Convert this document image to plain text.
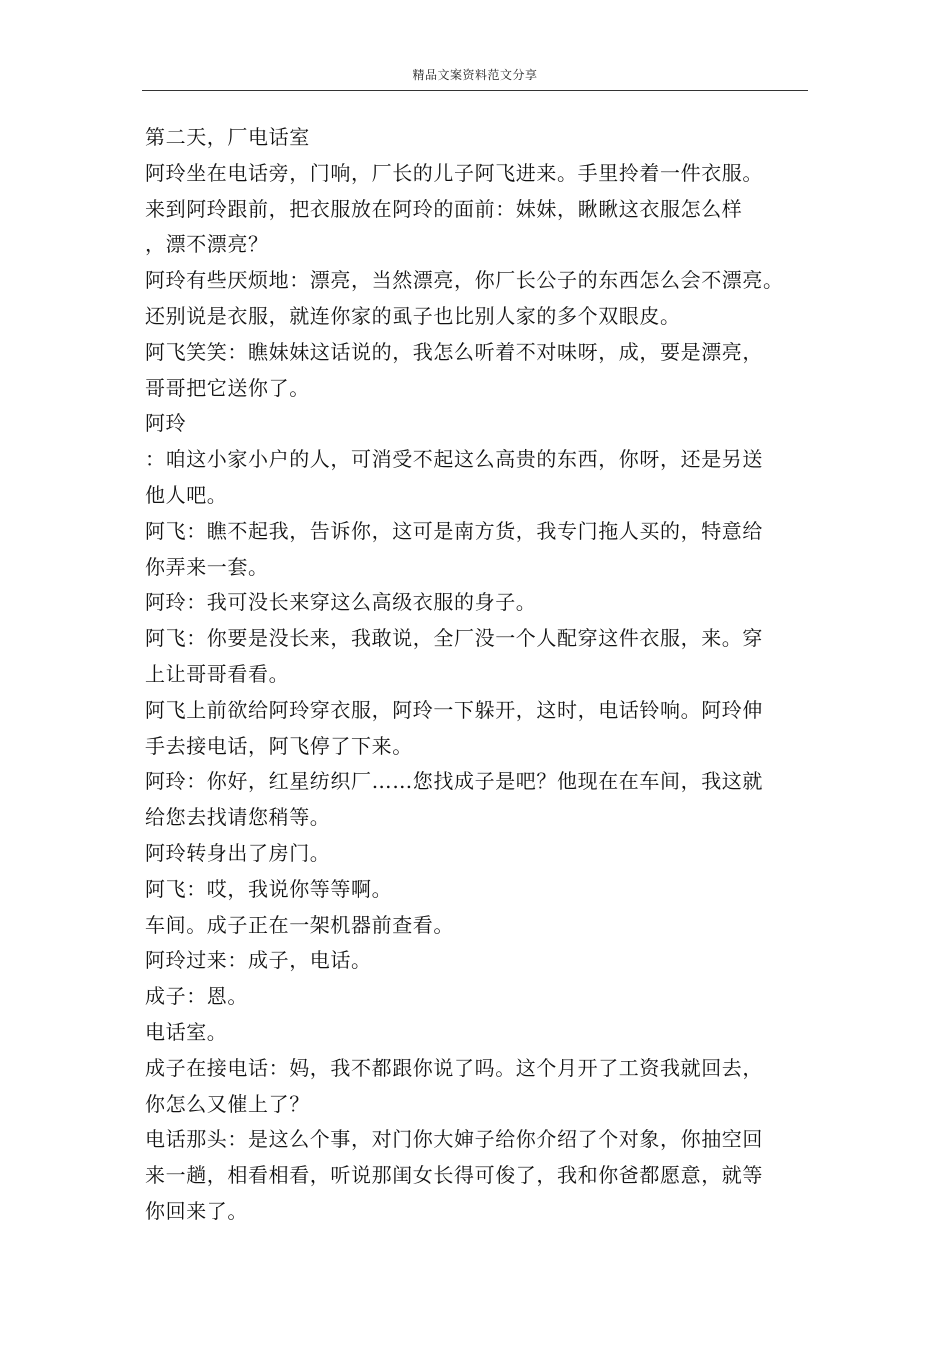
精品文案资料范文分享
第二天，厂电话室
阿玲坐在电话旁，门响，厂长的儿子阿飞进来。手里拎着一件衣服。
来到阿玲跟前，把衣服放在阿玲的面前：妹妹，瞅瞅这衣服怎么样
，漂不漂亮？
阿玲有些厌烦地：漂亮，当然漂亮，你厂长公子的东西怎么会不漂亮。
还别说是衣服，就连你家的虱子也比别人家的多个双眼皮。
阿飞笑笑：瞧妹妹这话说的，我怎么听着不对味呀，成，要是漂亮，
哥哥把它送你了。
阿玲
：咱这小家小户的人，可消受不起这么高贵的东西，你呀，还是另送
他人吧。
阿飞：瞧不起我，告诉你，这可是南方货，我专门拖人买的，特意给
你弄来一套。
阿玲：我可没长来穿这么高级衣服的身子。
阿飞：你要是没长来，我敢说，全厂没一个人配穿这件衣服，来。穿
上让哥哥看看。
阿飞上前欲给阿玲穿衣服，阿玲一下躲开，这时，电话铃响。阿玲伸
手去接电话，阿飞停了下来。
阿玲：你好，红星纺织厂……您找成子是吧？他现在在车间，我这就
给您去找请您稍等。
阿玲转身出了房门。
阿飞：哎，我说你等等啊。
车间。成子正在一架机器前查看。
阿玲过来：成子，电话。
成子：恩。
电话室。
成子在接电话：妈，我不都跟你说了吗。这个月开了工资我就回去，
你怎么又催上了？
电话那头：是这么个事，对门你大婶子给你介绍了个对象，你抽空回
来一趟，相看相看，听说那闺女长得可俊了，我和你爸都愿意，就等
你回来了。
